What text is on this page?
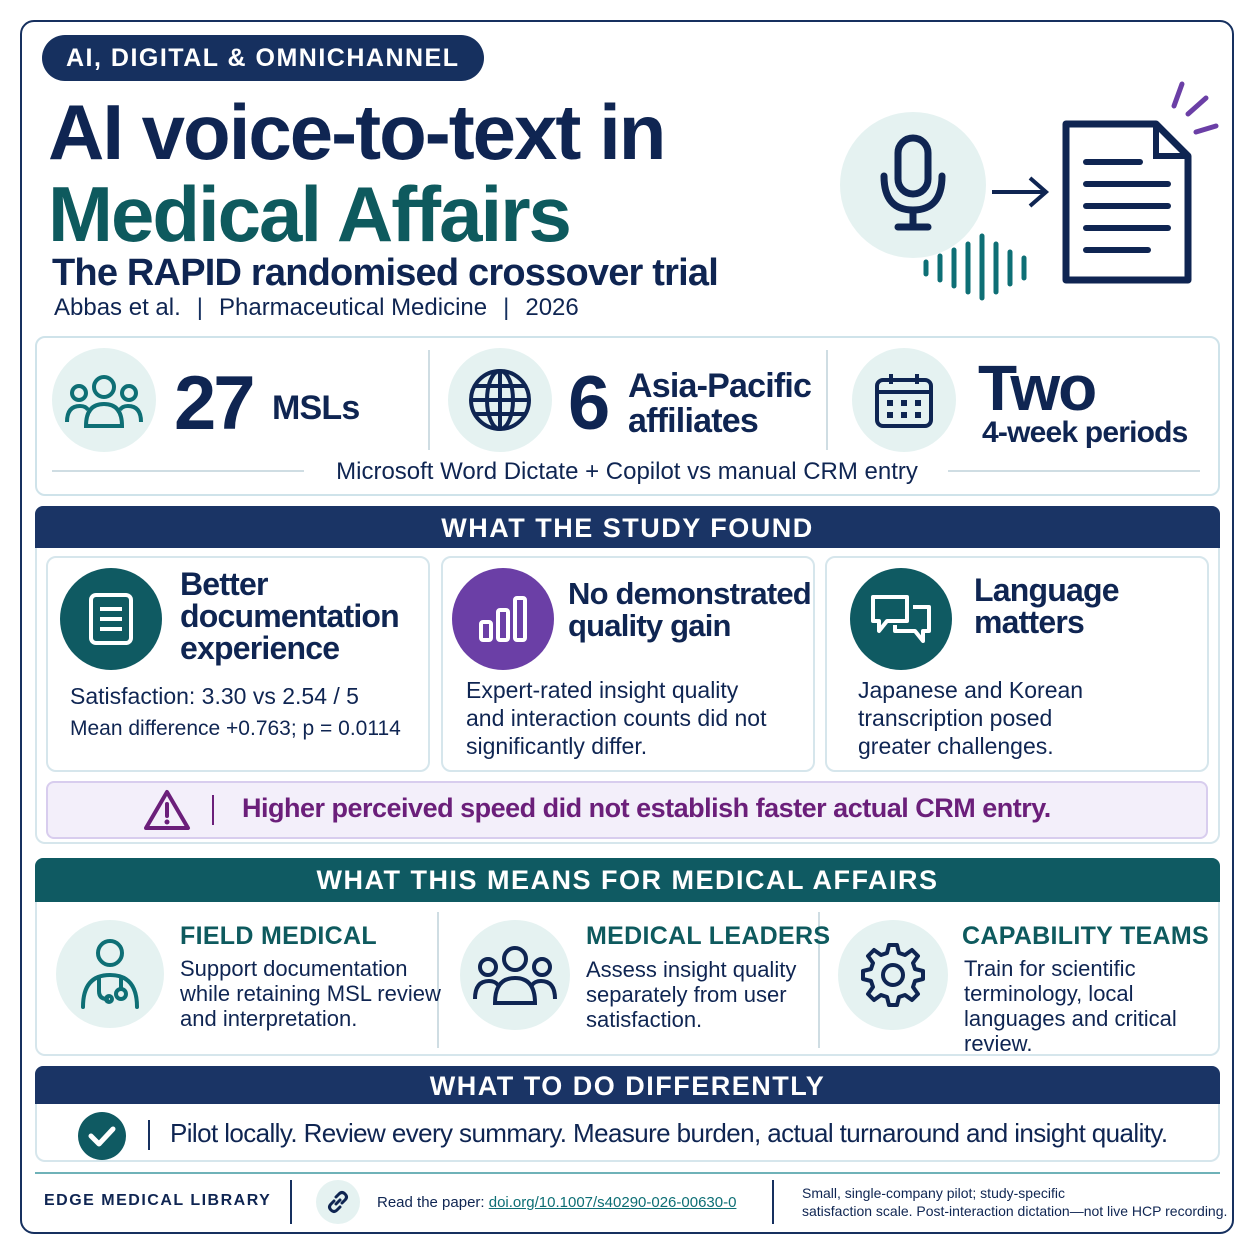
AI, DIGITAL & OMNICHANNEL
AI voice-to-text in
Medical Affairs
The RAPID randomised crossover trial
Abbas et al. | Pharmaceutical Medicine | 2026
27 MSLs	6 Asia-Pacific
affiliates	Two
4-week periods
Microsoft Word Dictate + Copilot vs manual CRM entry
WHAT THE STUDY FOUND
Better
documentation
experience
Satisfaction: 3.30 vs 2.54 / 5
Mean difference +0.763; p = 0.0114
No demonstrated
quality gain
Expert-rated insight quality
and interaction counts did not
significantly differ.
Language
matters
Japanese and Korean
transcription posed
greater challenges.
Higher perceived speed did not establish faster actual CRM entry.
WHAT THIS MEANS FOR MEDICAL AFFAIRS
FIELD MEDICAL
Support documentation
while retaining MSL review
and interpretation.
MEDICAL LEADERS
Assess insight quality
separately from user
satisfaction.
CAPABILITY TEAMS
Train for scientific
terminology, local
languages and critical
review.
WHAT TO DO DIFFERENTLY
Pilot locally. Review every summary. Measure burden, actual turnaround and insight quality.
EDGE MEDICAL LIBRARY	Read the paper: doi.org/10.1007/s40290-026-00630-0
Small, single-company pilot; study-specific
satisfaction scale. Post-interaction dictation—not live HCP recording.
